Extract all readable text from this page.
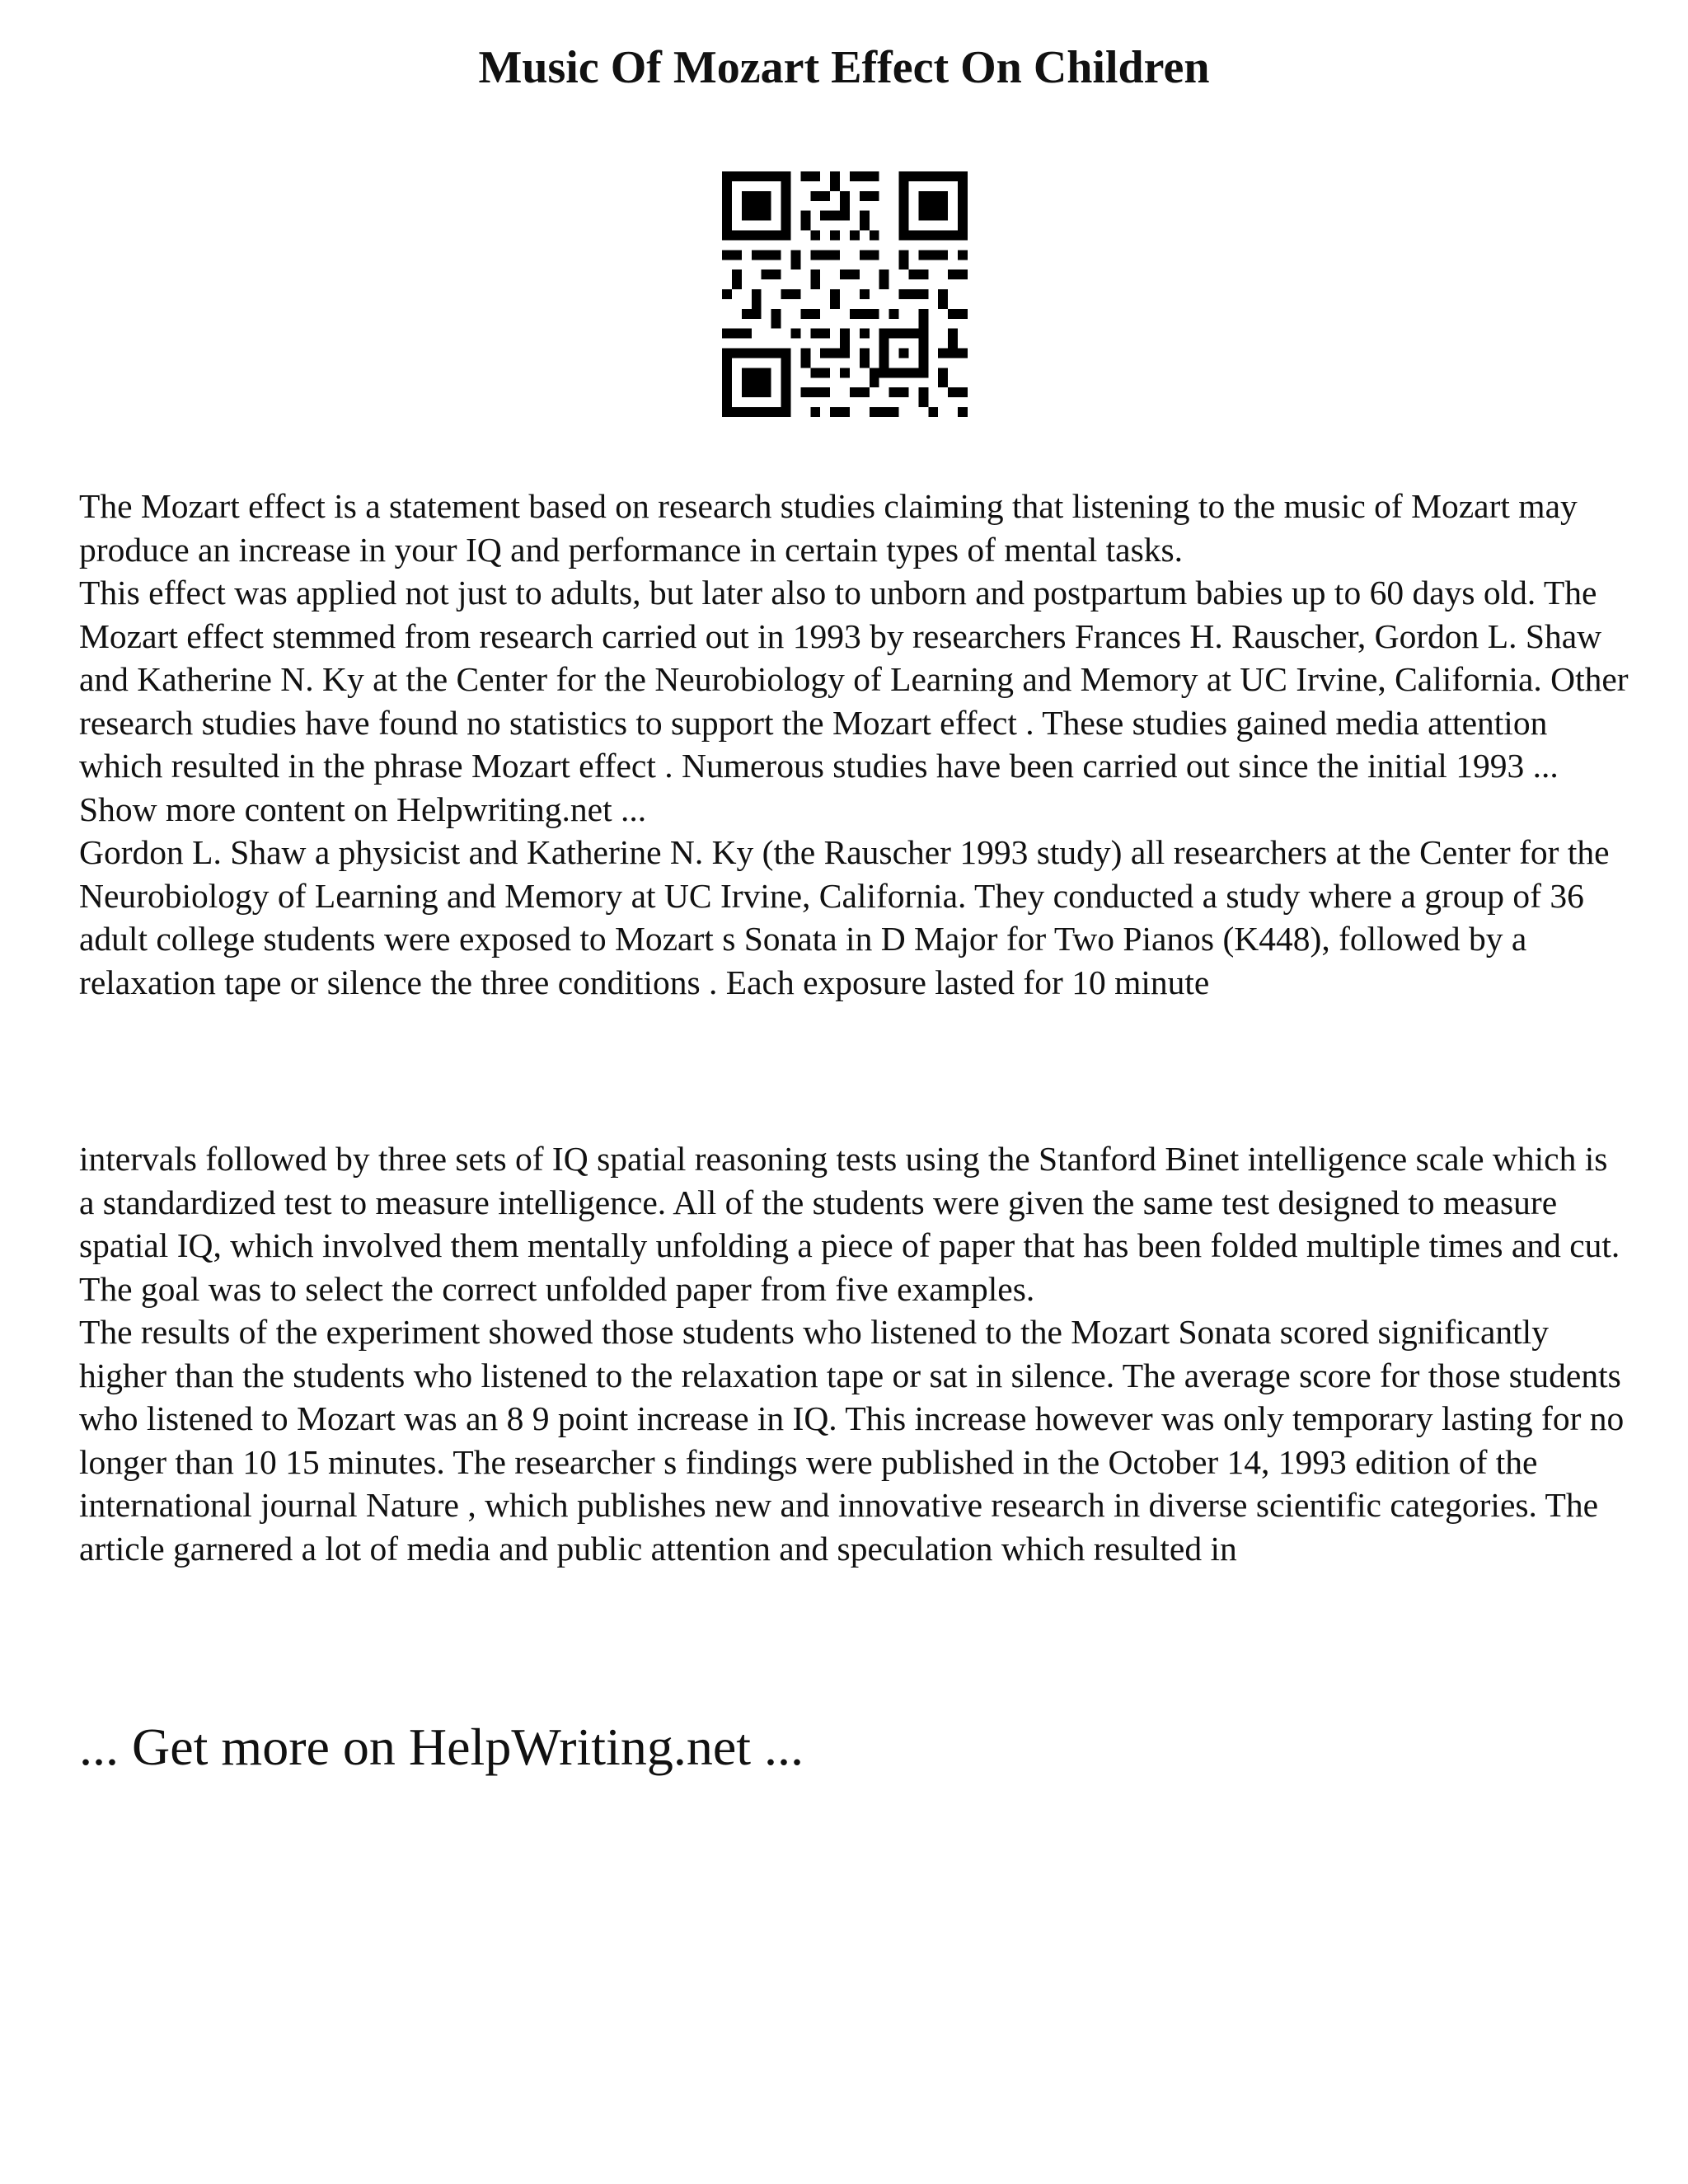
Music Of Mozart Effect On Children

The Mozart effect is a statement based on research studies claiming that listening to the music of Mozart may produce an increase in your IQ and performance in certain types of mental tasks.

This effect was applied not just to adults, but later also to unborn and postpartum babies up to 60 days old. The Mozart effect stemmed from research carried out in 1993 by researchers Frances H. Rauscher, Gordon L. Shaw and Katherine N. Ky at the Center for the Neurobiology of Learning and Memory at UC Irvine, California. Other research studies have found no statistics to support the Mozart effect . These studies gained media attention which resulted in the phrase Mozart effect . Numerous studies have been carried out since the initial 1993 ... Show more content on Helpwriting.net ...

Gordon L. Shaw a physicist and Katherine N. Ky (the Rauscher 1993 study) all researchers at the Center for the Neurobiology of Learning and Memory at UC Irvine, California. They conducted a study where a group of 36 adult college students were exposed to Mozart s Sonata in D Major for Two Pianos (K448), followed by a relaxation tape or silence the three conditions . Each exposure lasted for 10 minute

intervals followed by three sets of IQ spatial reasoning tests using the Stanford Binet intelligence scale which is a standardized test to measure intelligence. All of the students were given the same test designed to measure spatial IQ, which involved them mentally unfolding a piece of paper that has been folded multiple times and cut. The goal was to select the correct unfolded paper from five examples.

The results of the experiment showed those students who listened to the Mozart Sonata scored significantly higher than the students who listened to the relaxation tape or sat in silence. The average score for those students who listened to Mozart was an 8 9 point increase in IQ. This increase however was only temporary lasting for no longer than 10 15 minutes. The researcher s findings were published in the October 14, 1993 edition of the international journal Nature , which publishes new and innovative research in diverse scientific categories. The article garnered a lot of media and public attention and speculation which resulted in

... Get more on HelpWriting.net ...
